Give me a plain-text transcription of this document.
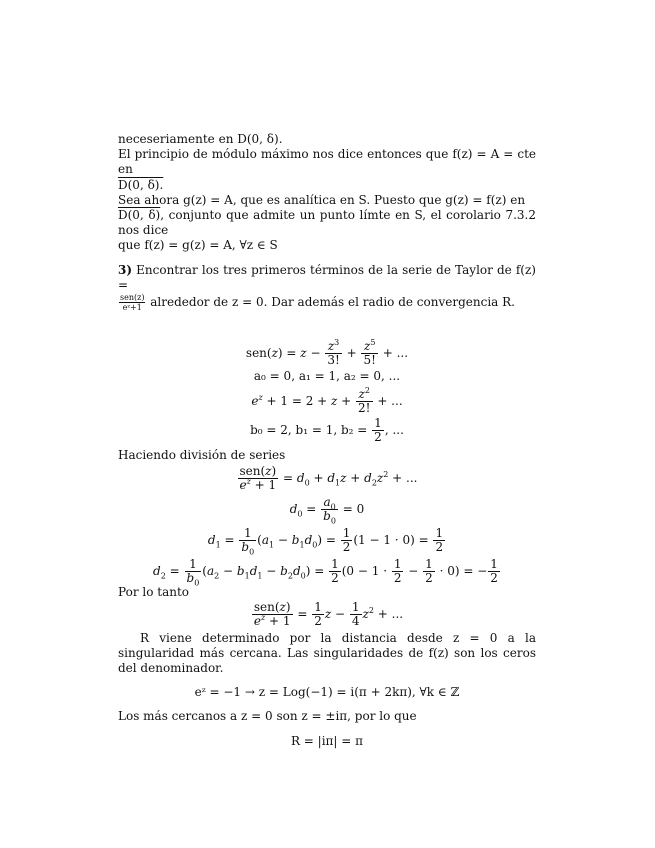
neceseriamente en D(0, δ).

El principio de módulo máximo nos dice entonces que f(z) = A = cte en
D(0, δ).

Sea ahora g(z) = A, que es analítica en S. Puesto que g(z) = f(z) en
D(0, δ), conjunto que admite un punto límte en S, el corolario 7.3.2 nos dice
que f(z) = g(z) = A, ∀z ∈ S

3) Encontrar los tres primeros términos de la serie de Taylor de f(z) =

sen(z)
eᶻ+1 alrededor de z = 0. Dar además el radio de convergencia R.

$sen(z) = z - \frac{z^3}{3!} + \frac{z^5}{5!}$ + ...

a₀ = 0, a₁ = 1, a₂ = 0, ...

$e^z + 1 = 2 + z + \frac{z^2}{2!}$ + ...

b₀ = 2, b₁ = 1, $b_2 = \frac{1}{2}$ , ...

Haciendo división de series

$\frac{\text{sen(z)}}{e^z + 1} = d_0 + d_1z + d_2z^2$ + ...

$d_0 = \frac{a_0}{b_0} = 0$

$d_1 = \frac{1}{b_0} (a_1 - b_1d_0) = \frac{1}{2} (1 - 1 \cdot 0) = \frac{1}{2}$

$d_2 = \frac{1}{b_0} (a_2 - b_1d_1 - b_2d_0) = \frac{1}{2} (0 - 1 \cdot \frac{1}{2} - \frac{1}{2} \cdot 0)$ = − $\frac{1}{2}$

Por lo tanto

$\frac{\text{sen(z)}}{e^z + 1} = \frac{1}{2}$ $z - \frac{1}{4} z^2$ + ...

R viene determinado por la distancia desde z = 0 a la singularidad más cercana. Las singularidades de f(z) son los ceros del denominador.

eᶻ = −1 → z = Log(−1) = i(π + 2kπ), ∀k ∈ ℤ

Los más cercanos a z = 0 son z = ±iπ, por lo que

R = |iπ| = π
